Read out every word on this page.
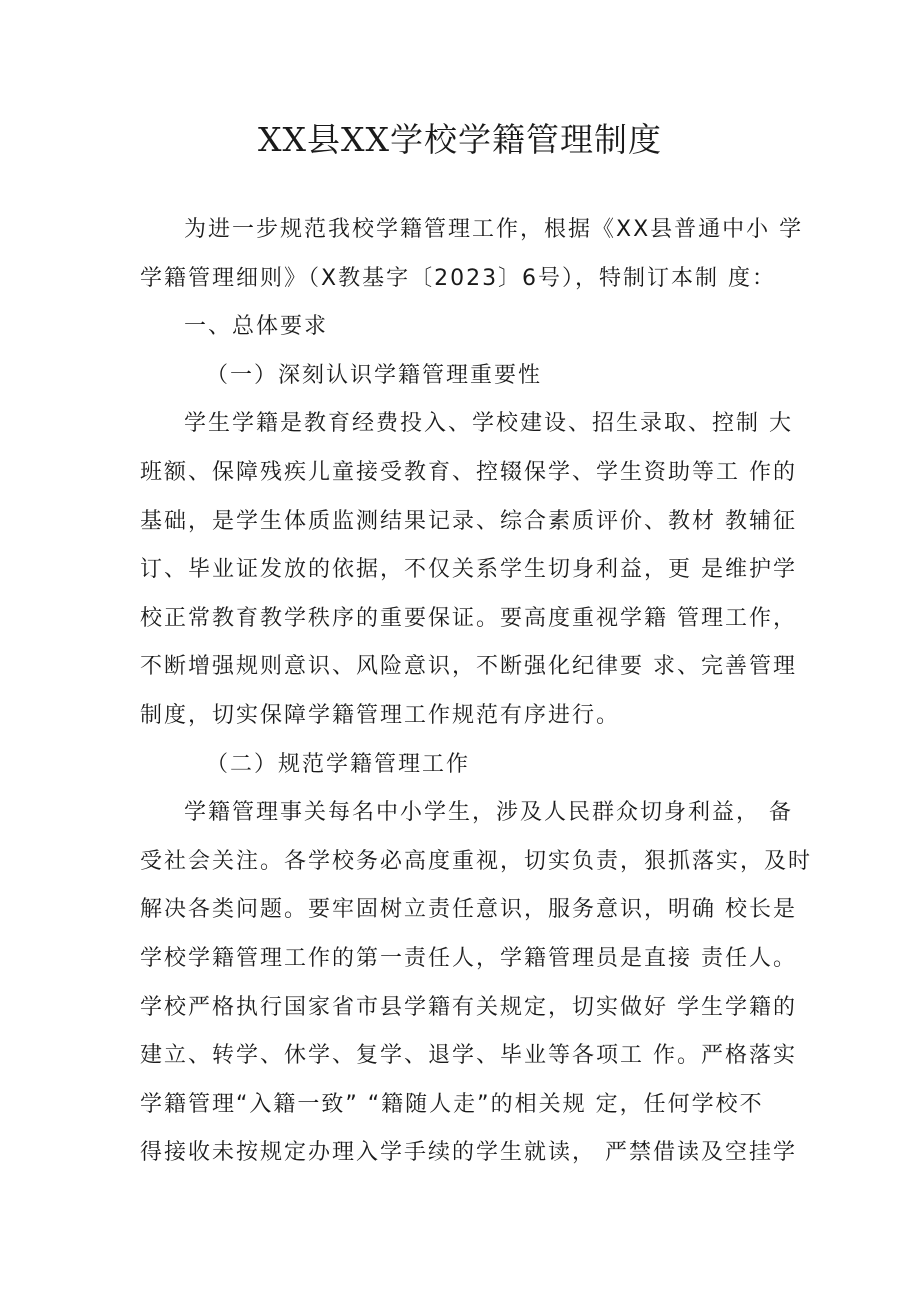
XX县XX学校学籍管理制度

为进一步规范我校学籍管理工作，根据《XX县普通中小 学
学籍管理细则》（X教基字〔2023〕6号），特制订本制 度：

一、总体要求

（一）深刻认识学籍管理重要性

学生学籍是教育经费投入、学校建设、招生录取、控制 大
班额、保障残疾儿童接受教育、控辍保学、学生资助等工 作的
基础，是学生体质监测结果记录、综合素质评价、教材 教辅征
订、毕业证发放的依据，不仅关系学生切身利益，更 是维护学
校正常教育教学秩序的重要保证。要高度重视学籍 管理工作，
不断增强规则意识、风险意识，不断强化纪律要 求、完善管理
制度，切实保障学籍管理工作规范有序进行。

（二）规范学籍管理工作

学籍管理事关每名中小学生，涉及人民群众切身利益， 备
受社会关注。各学校务必高度重视，切实负责，狠抓落实，及时
解决各类问题。要牢固树立责任意识，服务意识，明确 校长是
学校学籍管理工作的第一责任人，学籍管理员是直接 责任人。
学校严格执行国家省市县学籍有关规定，切实做好 学生学籍的
建立、转学、休学、复学、退学、毕业等各项工 作。严格落实
学籍管理“入籍一致” “籍随人走”的相关规 定，任何学校不
得接收未按规定办理入学手续的学生就读， 严禁借读及空挂学
